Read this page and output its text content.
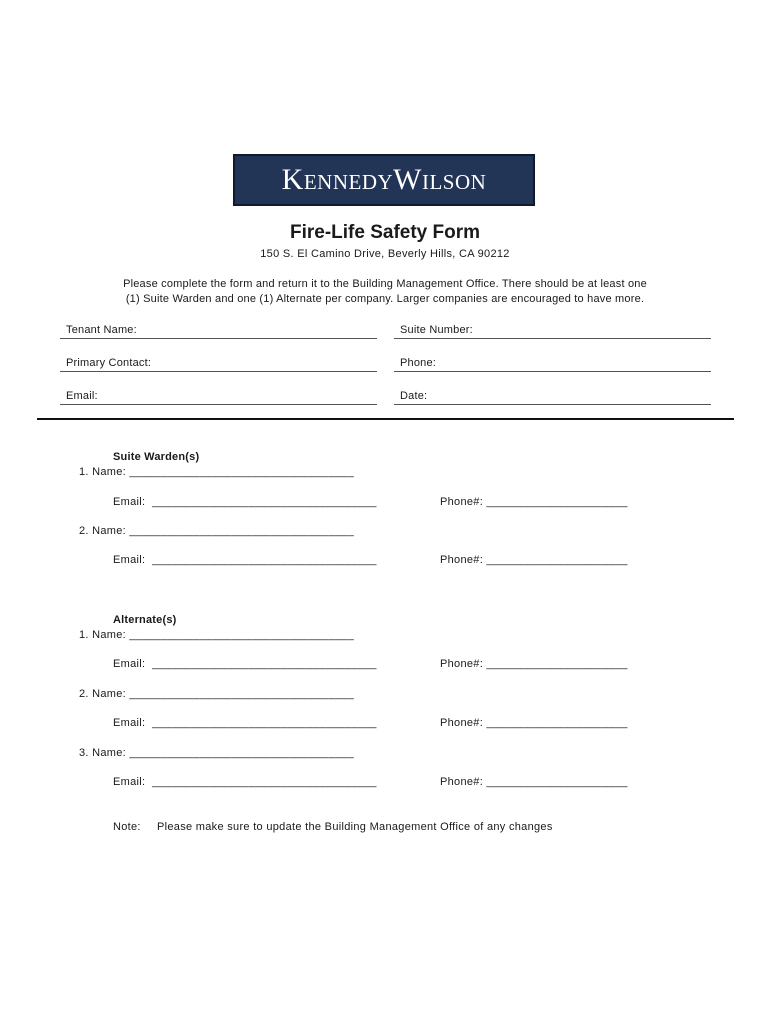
KennedyWilson
Fire-Life Safety Form
150 S. El Camino Drive, Beverly Hills, CA 90212
Please complete the form and return it to the Building Management Office. There should be at least one
(1) Suite Warden and one (1) Alternate per company. Larger companies are encouraged to have more.
Tenant Name:	Suite Number:
Primary Contact:	Phone:
Email:	Date:
Suite Warden(s)
1. Name: ___________________________________
Email:  ___________________________________	Phone#: ______________________
2. Name: ___________________________________
Email:  ___________________________________	Phone#: ______________________
Alternate(s)
1. Name: ___________________________________
Email:  ___________________________________	Phone#: ______________________
2. Name: ___________________________________
Email:  ___________________________________	Phone#: ______________________
3. Name: ___________________________________
Email:  ___________________________________	Phone#: ______________________
Note: Please make sure to update the Building Management Office of any changes
